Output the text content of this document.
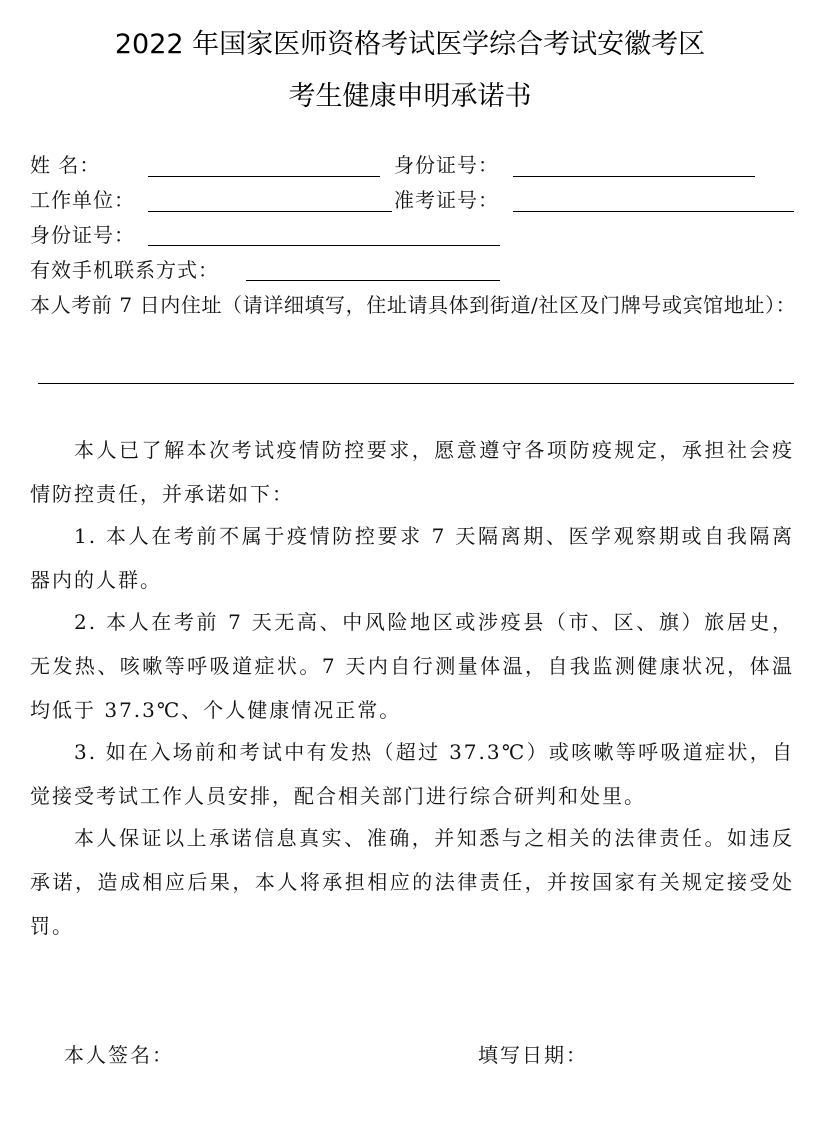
2022 年国家医师资格考试医学综合考试安徽考区
考生健康申明承诺书
姓 名：	身份证号：
工作单位：	准考证号：
身份证号：
有效手机联系方式：
本人考前 7 日内住址（请详细填写，住址请具体到街道/社区及门牌号或宾馆地址）：
本人已了解本次考试疫情防控要求，愿意遵守各项防疫规定，承担社会疫情防控责任，并承诺如下：
1. 本人在考前不属于疫情防控要求 7 天隔离期、医学观察期或自我隔离器内的人群。
2. 本人在考前 7 天无高、中风险地区或涉疫县（市、区、旗）旅居史，无发热、咳嗽等呼吸道症状。7 天内自行测量体温，自我监测健康状况，体温均低于 37.3℃、个人健康情况正常。
3. 如在入场前和考试中有发热（超过 37.3℃）或咳嗽等呼吸道症状，自觉接受考试工作人员安排，配合相关部门进行综合研判和处里。
本人保证以上承诺信息真实、准确，并知悉与之相关的法律责任。如违反承诺，造成相应后果，本人将承担相应的法律责任，并按国家有关规定接受处罚。
本人签名：	填写日期：
